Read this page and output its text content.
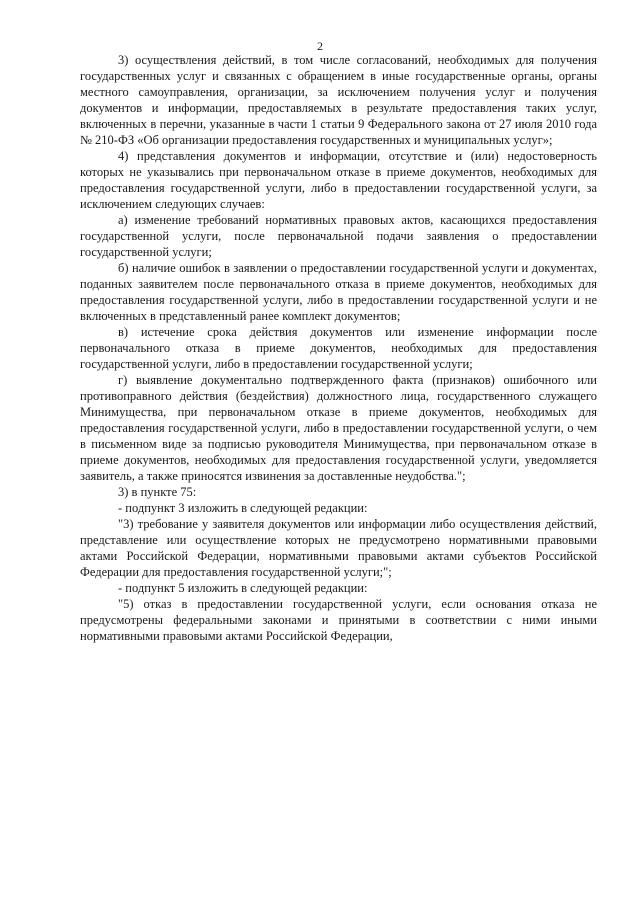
2

3) осуществления действий, в том числе согласований, необходимых для получения государственных услуг и связанных с обращением в иные государственные органы, органы местного самоуправления, организации, за исключением получения услуг и получения документов и информации, предоставляемых в результате предоставления таких услуг, включенных в перечни, указанные в части 1 статьи 9 Федерального закона от 27 июля 2010 года № 210-ФЗ «Об организации предоставления государственных и муниципальных услуг»;

4) представления документов и информации, отсутствие и (или) недостоверность которых не указывались при первоначальном отказе в приеме документов, необходимых для предоставления государственной услуги, либо в предоставлении государственной услуги, за исключением следующих случаев:

а) изменение требований нормативных правовых актов, касающихся предоставления государственной услуги, после первоначальной подачи заявления о предоставлении государственной услуги;

б) наличие ошибок в заявлении о предоставлении государственной услуги и документах, поданных заявителем после первоначального отказа в приеме документов, необходимых для предоставления государственной услуги, либо в предоставлении государственной услуги и не включенных в представленный ранее комплект документов;

в) истечение срока действия документов или изменение информации после первоначального отказа в приеме документов, необходимых для предоставления государственной услуги, либо в предоставлении государственной услуги;

г) выявление документально подтвержденного факта (признаков) ошибочного или противоправного действия (бездействия) должностного лица, государственного служащего Минимущества, при первоначальном отказе в приеме документов, необходимых для предоставления государственной услуги, либо в предоставлении государственной услуги, о чем в письменном виде за подписью руководителя Минимущества, при первоначальном отказе в приеме документов, необходимых для предоставления государственной услуги, уведомляется заявитель, а также приносятся извинения за доставленные неудобства.";

3) в пункте 75:

- подпункт 3 изложить в следующей редакции:

"3) требование у заявителя документов или информации либо осуществления действий, представление или осуществление которых не предусмотрено нормативными правовыми актами Российской Федерации, нормативными правовыми актами субъектов Российской Федерации для предоставления государственной услуги;";

- подпункт 5 изложить в следующей редакции:

"5) отказ в предоставлении государственной услуги, если основания отказа не предусмотрены федеральными законами и принятыми в соответствии с ними иными нормативными правовыми актами Российской Федерации,
